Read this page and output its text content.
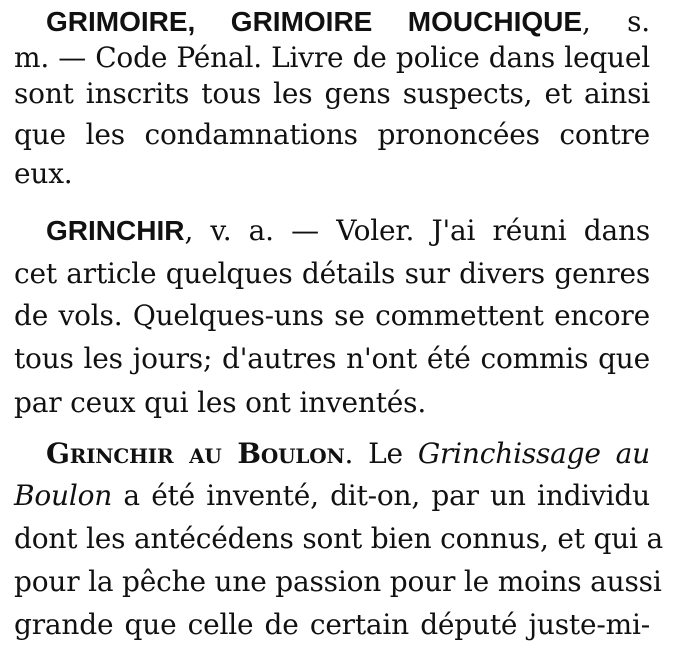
GRIMOIRE, GRIMOIRE MOUCHIQUE, s.
m. — Code Pénal. Livre de police dans lequel
sont inscrits tous les gens suspects, et ainsi
que les condamnations prononcées contre
eux.
GRINCHIR, v. a. — Voler. J'ai réuni dans
cet article quelques détails sur divers genres
de vols. Quelques-uns se commettent encore
tous les jours; d'autres n'ont été commis que
par ceux qui les ont inventés.
Grinchir au Boulon. Le Grinchissage au
Boulon a été inventé, dit-on, par un individu
dont les antécédens sont bien connus, et qui a
pour la pêche une passion pour le moins aussi
grande que celle de certain député juste-mi-
